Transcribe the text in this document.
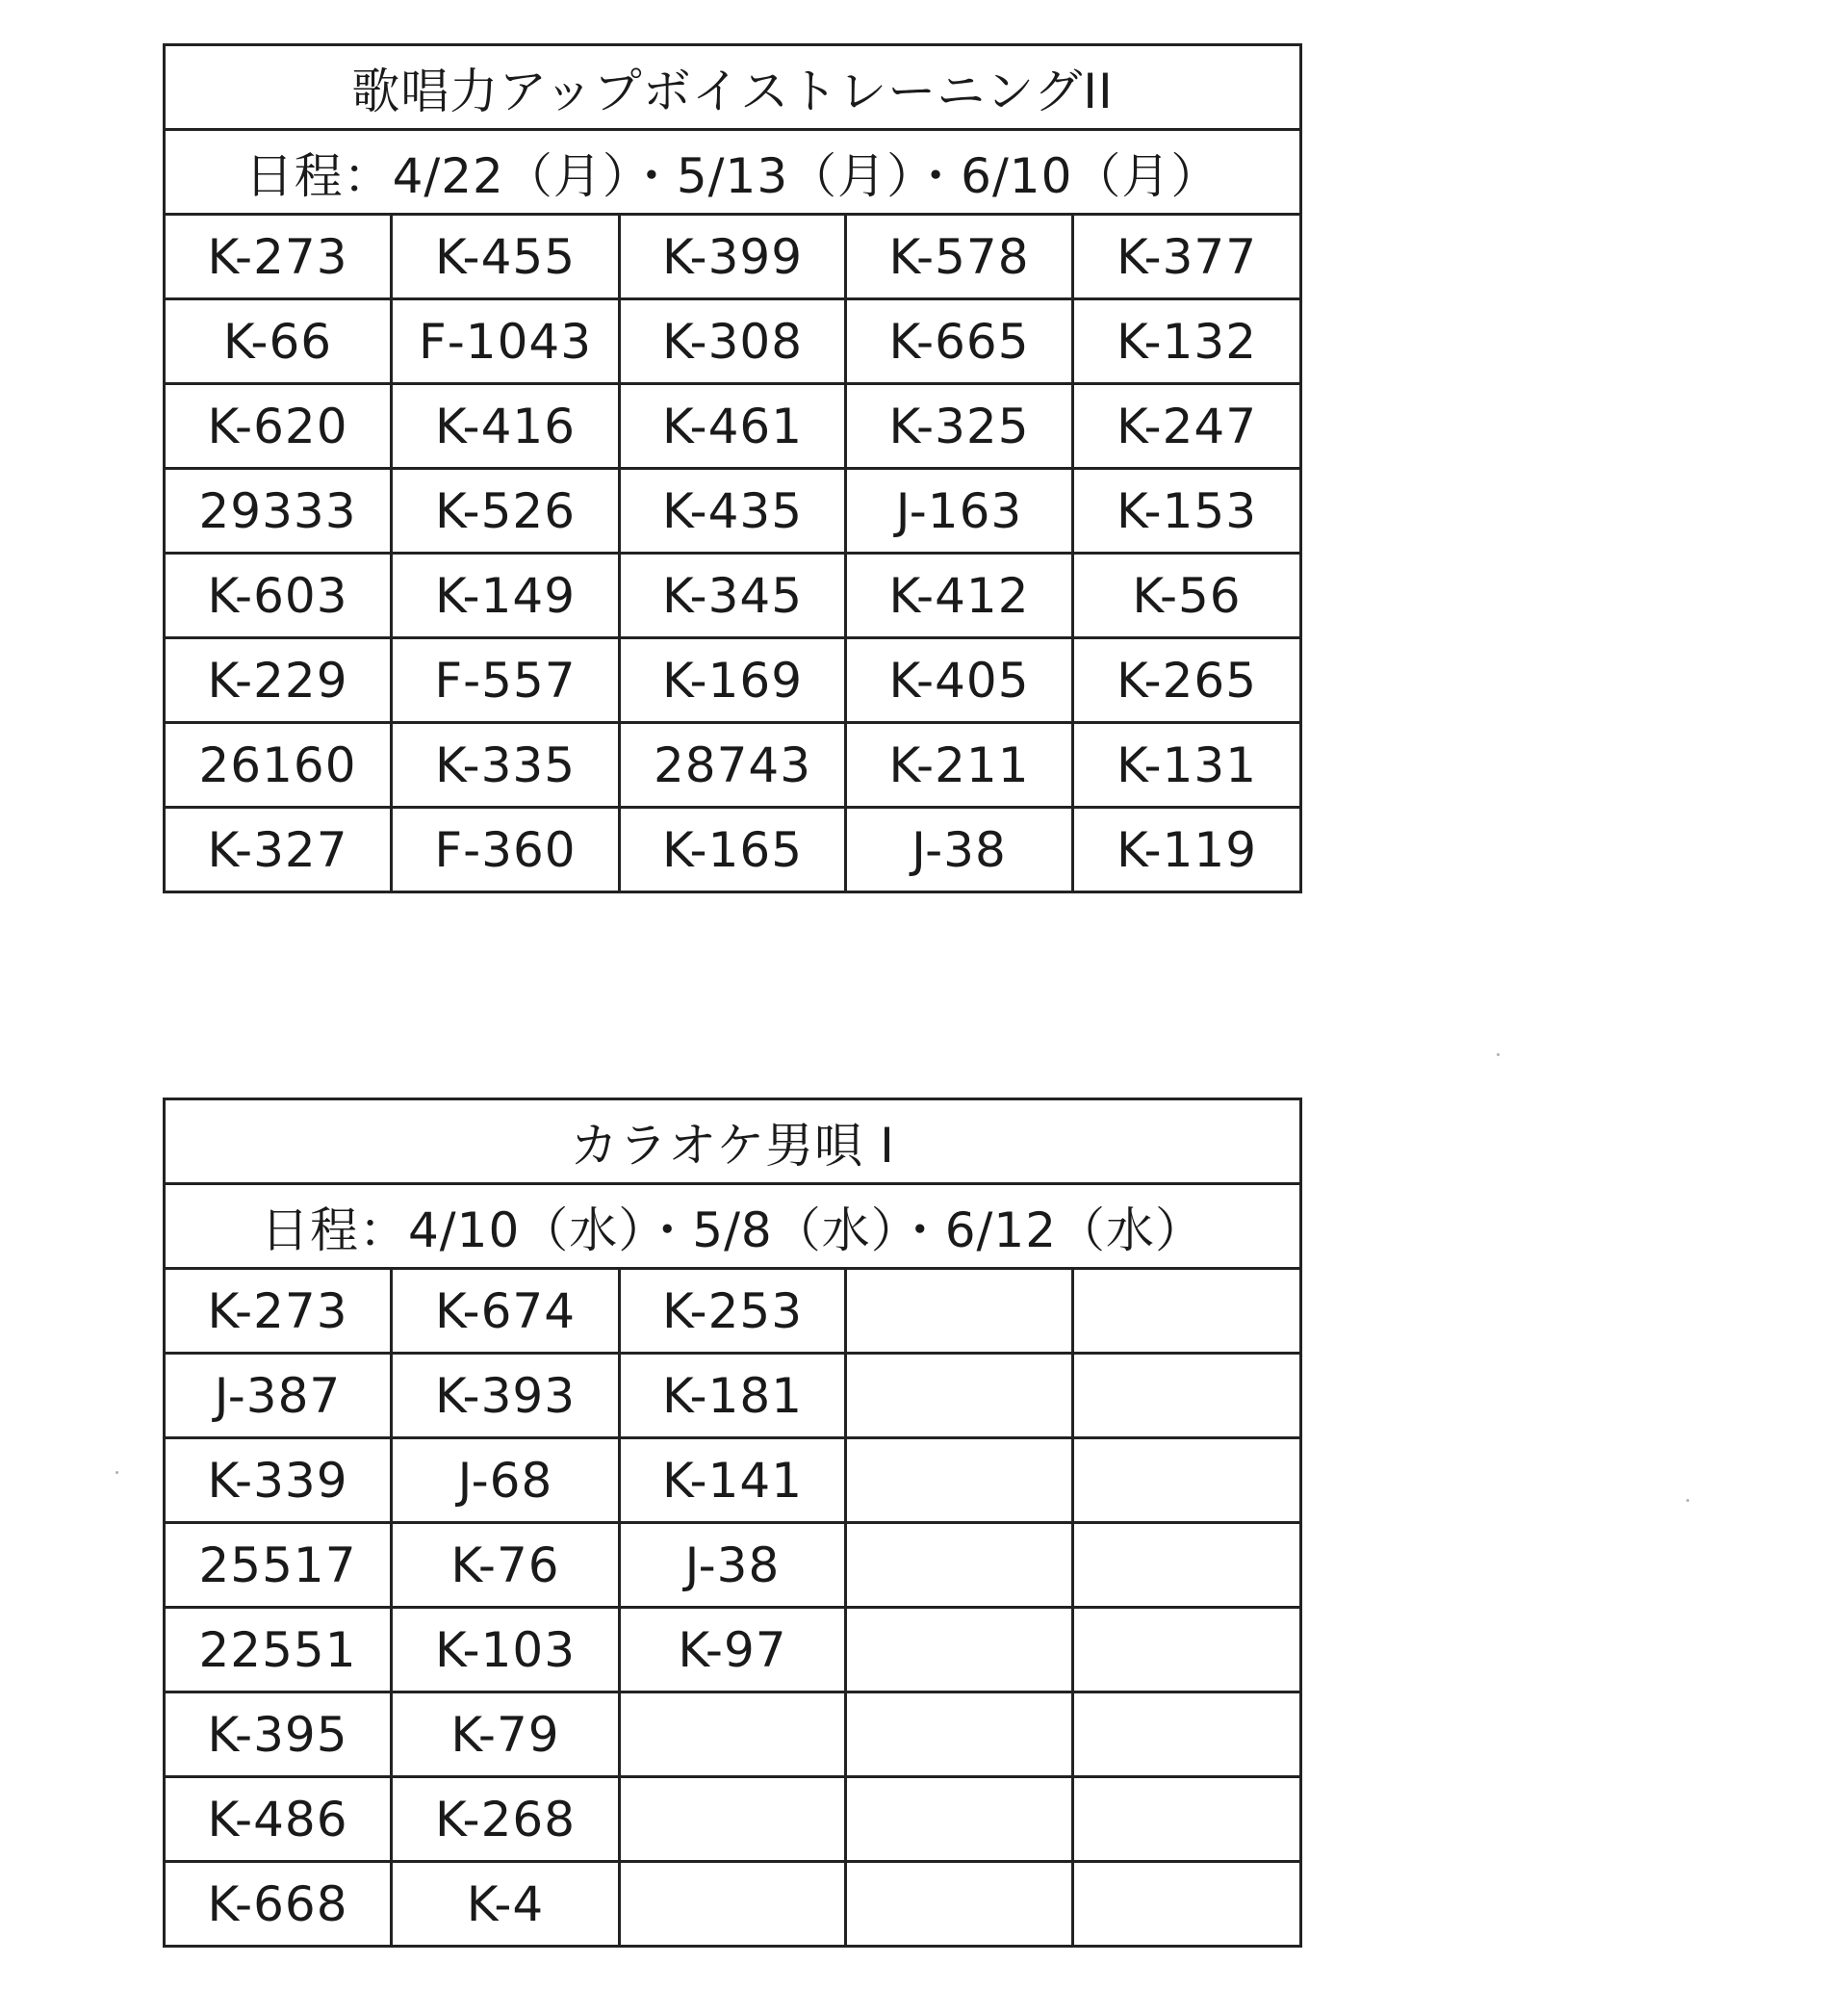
歌唱力アップボイストレーニングII				
日程：4/22（月）・5/13（月）・6/10（月）				
K-273	K-455	K-399	K-578	K-377
K-66	F-1043	K-308	K-665	K-132
K-620	K-416	K-461	K-325	K-247
29333	K-526	K-435	J-163	K-153
K-603	K-149	K-345	K-412	K-56
K-229	F-557	K-169	K-405	K-265
26160	K-335	28743	K-211	K-131
K-327	F-360	K-165	J-38	K-119
カラオケ男唄 I				
日程：4/10（水）・5/8（水）・6/12（水）				
K-273	K-674	K-253		
J-387	K-393	K-181		
K-339	J-68	K-141		
25517	K-76	J-38		
22551	K-103	K-97		
K-395	K-79			
K-486	K-268			
K-668	K-4			
